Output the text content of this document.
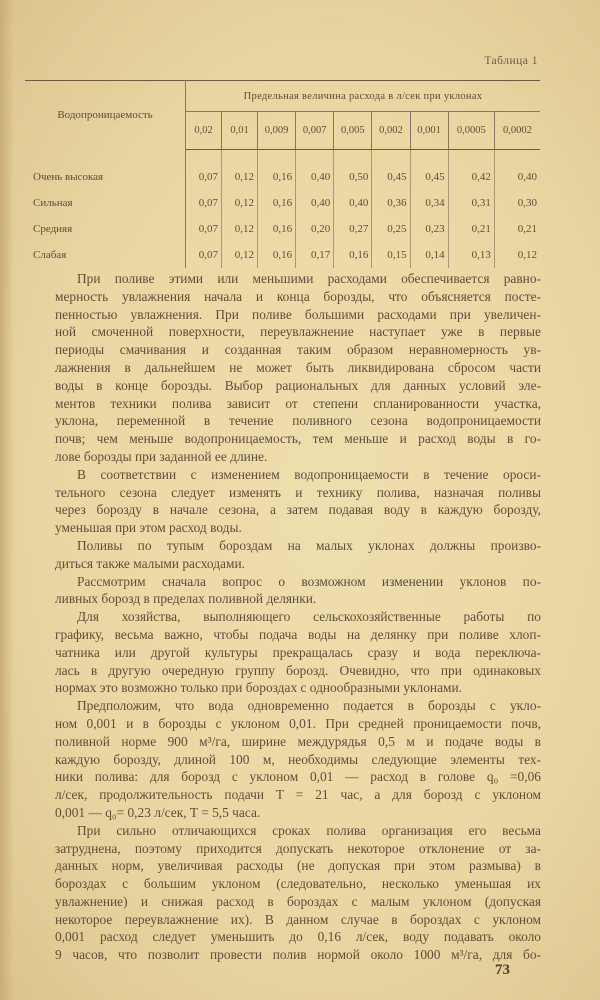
Таблица 1
Водопроницаемость	Предельная величина расхода в л/сек при уклонах								
	0,02	0,01	0,009	0,007	0,005	0,002	0,001	0,0005	0,0002
Очень высокая	0,07	0,12	0,16	0,40	0,50	0,45	0,45	0,42	0,40
Сильная	0,07	0,12	0,16	0,40	0,40	0,36	0,34	0,31	0,30
Средняя	0,07	0,12	0,16	0,20	0,27	0,25	0,23	0,21	0,21
Слабая	0,07	0,12	0,16	0,17	0,16	0,15	0,14	0,13	0,12
При поливе этими или меньшими расходами обеспечивается равно-
мерность увлажнения начала и конца борозды, что объясняется посте-
пенностью увлажнения. При поливе большими расходами при увеличен-
ной смоченной поверхности, переувлажнение наступает уже в первые
периоды смачивания и созданная таким образом неравномерность ув-
лажнения в дальнейшем не может быть ликвидирована сбросом части
воды в конце борозды. Выбор рациональных для данных условий эле-
ментов техники полива зависит от степени спланированности участка,
уклона, переменной в течение поливного сезона водопроницаемости
почв; чем меньше водопроницаемость, тем меньше и расход воды в го-
лове борозды при заданной ее длине.
В соответствии с изменением водопроницаемости в течение ороси-
тельного сезона следует изменять и технику полива, назначая поливы
через борозду в начале сезона, а затем подавая воду в каждую борозду,
уменьшая при этом расход воды.
Поливы по тупым бороздам на малых уклонах должны произво-
диться также малыми расходами.
Рассмотрим сначала вопрос о возможном изменении уклонов по-
ливных борозд в пределах поливной делянки.
Для хозяйства, выполняющего сельскохозяйственные работы по
графику, весьма важно, чтобы подача воды на делянку при поливе хлоп-
чатника или другой культуры прекращалась сразу и вода переключа-
лась в другую очередную группу борозд. Очевидно, что при одинаковых
нормах это возможно только при бороздах с однообразными уклонами.
Предположим, что вода одновременно подается в борозды с укло-
ном 0,001 и в борозды с уклоном 0,01. При средней проницаемости почв,
поливной норме 900 м³/га, ширине междурядья 0,5 м и подаче воды в
каждую борозду, длиной 100 м, необходимы следующие элементы тех-
ники полива: для борозд с уклоном 0,01 — расход в голове q₀ =0,06
л/сек, продолжительность подачи T = 21 час, а для борозд с уклоном
0,001 — q₀= 0,23 л/сек, T = 5,5 часа.
При сильно отличающихся сроках полива организация его весьма
затруднена, поэтому приходится допускать некоторое отклонение от за-
данных норм, увеличивая расходы (не допуская при этом размыва) в
бороздах с большим уклоном (следовательно, несколько уменьшая их
увлажнение) и снижая расход в бороздах с малым уклоном (допуская
некоторое переувлажнение их). В данном случае в бороздах с уклоном
0,001 расход следует уменьшить до 0,16 л/сек, воду подавать около
9 часов, что позволит провести полив нормой около 1000 м³/га, для бо-
73
